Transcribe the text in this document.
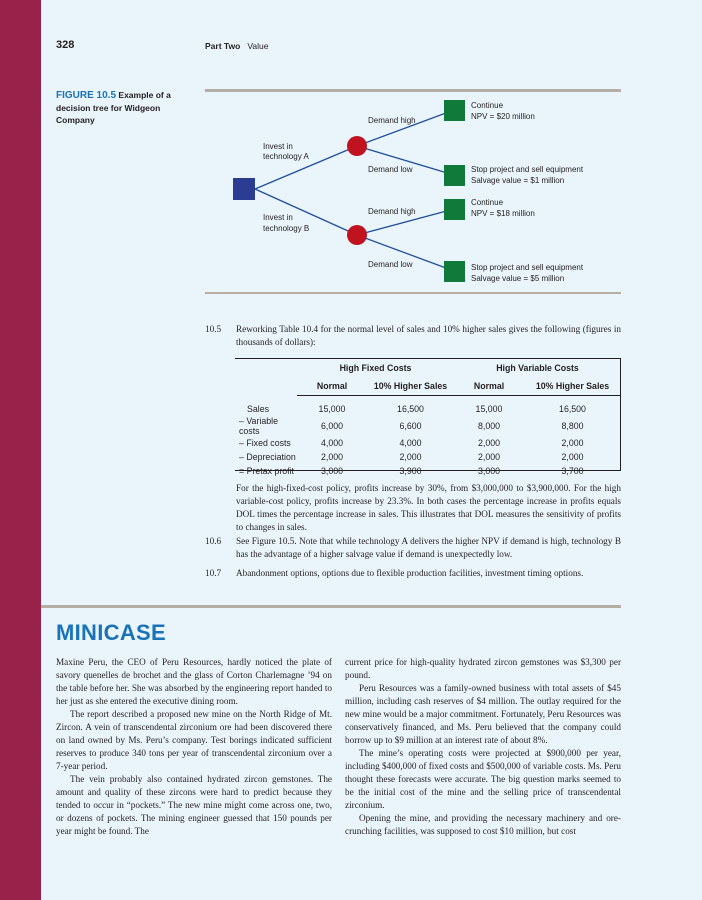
328	Part Two Value
FIGURE 10.5 Example of a decision tree for Widgeon Company
Invest in
technology A
Invest in
technology B
Demand high
Demand low
Demand high
Demand low
Continue
NPV = $20 million
Stop project and sell equipment
Salvage value = $1 million
Continue
NPV = $18 million
Stop project and sell equipment
Salvage value = $5 million
10.5 Reworking Table 10.4 for the normal level of sales and 10% higher sales gives the following (figures in thousands of dollars):
	High Fixed Costs		High Variable Costs	
	Normal	10% Higher Sales	Normal	10% Higher Sales

Sales	15,000	16,500	15,000	16,500
– Variable costs	6,000	6,600	8,000	8,800
– Fixed costs	4,000	4,000	2,000	2,000
– Depreciation	2,000	2,000	2,000	2,000
= Pretax profit	3,000	3,900	3,000	3,700
For the high-fixed-cost policy, profits increase by 30%, from $3,000,000 to $3,900,000. For the high variable-cost policy, profits increase by 23.3%. In both cases the percentage increase in profits equals DOL times the percentage increase in sales. This illustrates that DOL measures the sensitivity of profits to changes in sales.
10.6 See Figure 10.5. Note that while technology A delivers the higher NPV if demand is high, technology B has the advantage of a higher salvage value if demand is unexpectedly low.
10.7 Abandonment options, options due to flexible production facilities, investment timing options.
MINICASE

Maxine Peru, the CEO of Peru Resources, hardly noticed the plate of savory quenelles de brochet and the glass of Corton Charlemagne ’94 on the table before her. She was absorbed by the engineering report handed to her just as she entered the executive dining room.

The report described a proposed new mine on the North Ridge of Mt. Zircon. A vein of transcendental zirconium ore had been discovered there on land owned by Ms. Peru’s company. Test borings indicated sufficient reserves to produce 340 tons per year of transcendental zirconium over a 7-year period.

The vein probably also contained hydrated zircon gemstones. The amount and quality of these zircons were hard to predict because they tended to occur in “pockets.” The new mine might come across one, two, or dozens of pockets. The mining engineer guessed that 150 pounds per year might be found. The

current price for high-quality hydrated zircon gemstones was $3,300 per pound.

Peru Resources was a family-owned business with total assets of $45 million, including cash reserves of $4 million. The outlay required for the new mine would be a major commitment. Fortunately, Peru Resources was conservatively financed, and Ms. Peru believed that the company could borrow up to $9 million at an interest rate of about 8%.

The mine’s operating costs were projected at $900,000 per year, including $400,000 of fixed costs and $500,000 of variable costs. Ms. Peru thought these forecasts were accurate. The big question marks seemed to be the initial cost of the mine and the selling price of transcendental zirconium.

Opening the mine, and providing the necessary machinery and ore-crunching facilities, was supposed to cost $10 million, but cost
